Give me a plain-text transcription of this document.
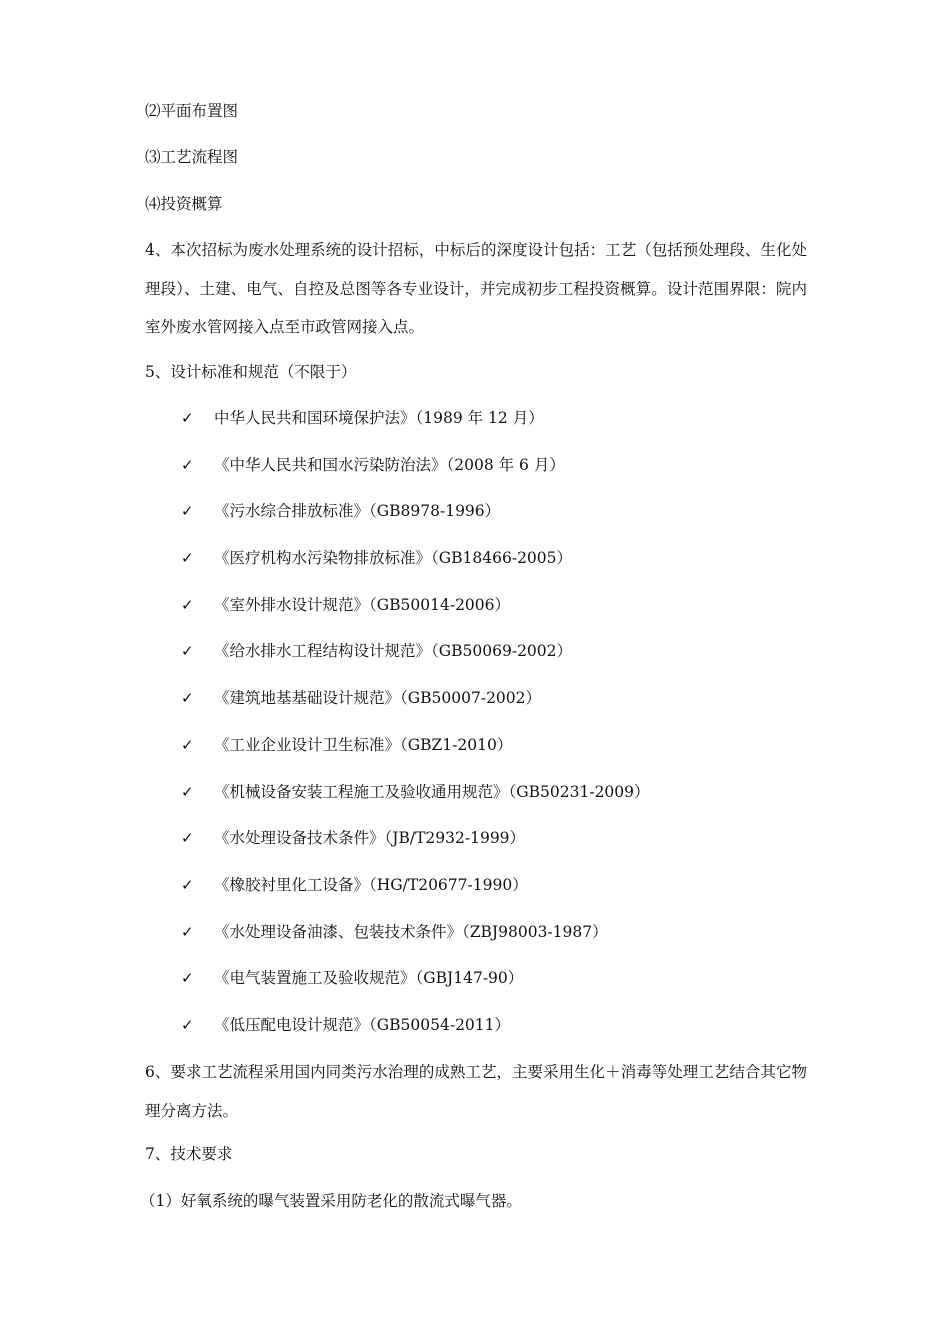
⑵平面布置图
⑶工艺流程图
⑷投资概算
4、本次招标为废水处理系统的设计招标，中标后的深度设计包括：工艺（包括预处理段、生化处理段）、土建、电气、自控及总图等各专业设计，并完成初步工程投资概算。设计范围界限：院内室外废水管网接入点至市政管网接入点。
5、设计标准和规范（不限于）
✓ 中华人民共和国环境保护法》（1989 年 12 月）
✓ 《中华人民共和国水污染防治法》（2008 年 6 月）
✓ 《污水综合排放标准》（GB8978-1996）
✓ 《医疗机构水污染物排放标准》（GB18466-2005）
✓ 《室外排水设计规范》（GB50014-2006）
✓ 《给水排水工程结构设计规范》（GB50069-2002）
✓ 《建筑地基基础设计规范》（GB50007-2002）
✓ 《工业企业设计卫生标准》（GBZ1-2010）
✓ 《机械设备安装工程施工及验收通用规范》（GB50231-2009）
✓ 《水处理设备技术条件》（JB/T2932-1999）
✓ 《橡胶衬里化工设备》（HG/T20677-1990）
✓ 《水处理设备油漆、包装技术条件》（ZBJ98003-1987）
✓ 《电气装置施工及验收规范》（GBJ147-90）
✓ 《低压配电设计规范》（GB50054-2011）
6、要求工艺流程采用国内同类污水治理的成熟工艺，主要采用生化＋消毒等处理工艺结合其它物理分离方法。
7、技术要求
（1）好氧系统的曝气装置采用防老化的散流式曝气器。
